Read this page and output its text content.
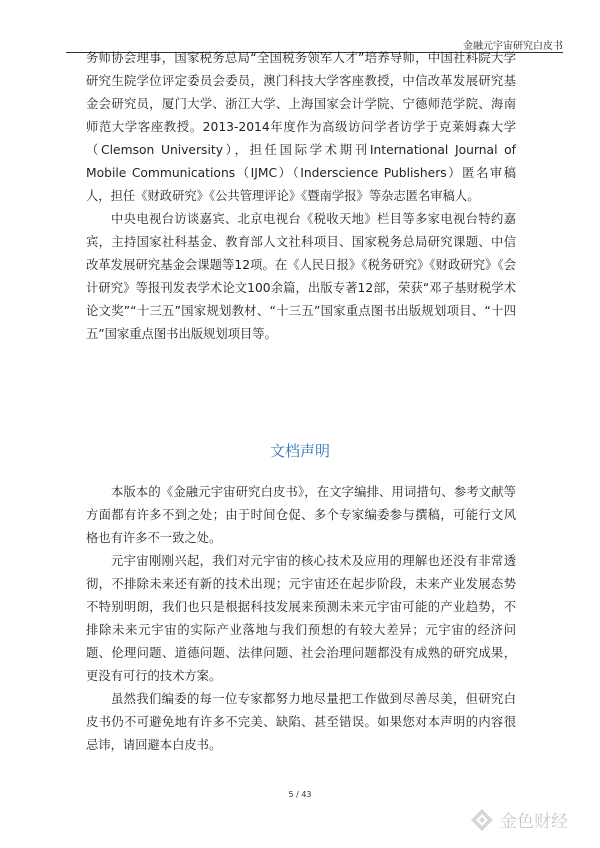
金融元宇宙研究白皮书

务师协会理事，国家税务总局“全国税务领军人才”培养导师，中国社科院大学研究生院学位评定委员会委员，澳门科技大学客座教授，中信改革发展研究基金会研究员，厦门大学、浙江大学、上海国家会计学院、宁德师范学院、海南师范大学客座教授。2013-2014年度作为高级访问学者访学于克莱姆森大学（Clemson University），担任国际学术期刊International Journal of Mobile Communications（IJMC）（Inderscience Publishers）匿名审稿人，担任《财政研究》《公共管理评论》《暨南学报》等杂志匿名审稿人。

中央电视台访谈嘉宾、北京电视台《税收天地》栏目等多家电视台特约嘉宾，主持国家社科基金、教育部人文社科项目、国家税务总局研究课题、中信改革发展研究基金会课题等12项。在《人民日报》《税务研究》《财政研究》《会计研究》等报刊发表学术论文100余篇，出版专著12部，荣获“邓子基财税学术论文奖”“十三五”国家规划教材、“十三五”国家重点图书出版规划项目、“十四五”国家重点图书出版规划项目等。

文档声明

本版本的《金融元宇宙研究白皮书》，在文字编排、用词措句、参考文献等方面都有许多不到之处；由于时间仓促、多个专家编委参与撰稿，可能行文风格也有许多不一致之处。

元宇宙刚刚兴起，我们对元宇宙的核心技术及应用的理解也还没有非常透彻，不排除未来还有新的技术出现；元宇宙还在起步阶段，未来产业发展态势不特别明朗，我们也只是根据科技发展来预测未来元宇宙可能的产业趋势，不排除未来元宇宙的实际产业落地与我们预想的有较大差异；元宇宙的经济问题、伦理问题、道德问题、法律问题、社会治理问题都没有成熟的研究成果，更没有可行的技术方案。

虽然我们编委的每一位专家都努力地尽量把工作做到尽善尽美，但研究白皮书仍不可避免地有许多不完美、缺陷、甚至错误。如果您对本声明的内容很忌讳，请回避本白皮书。

5 / 43
金色财经
